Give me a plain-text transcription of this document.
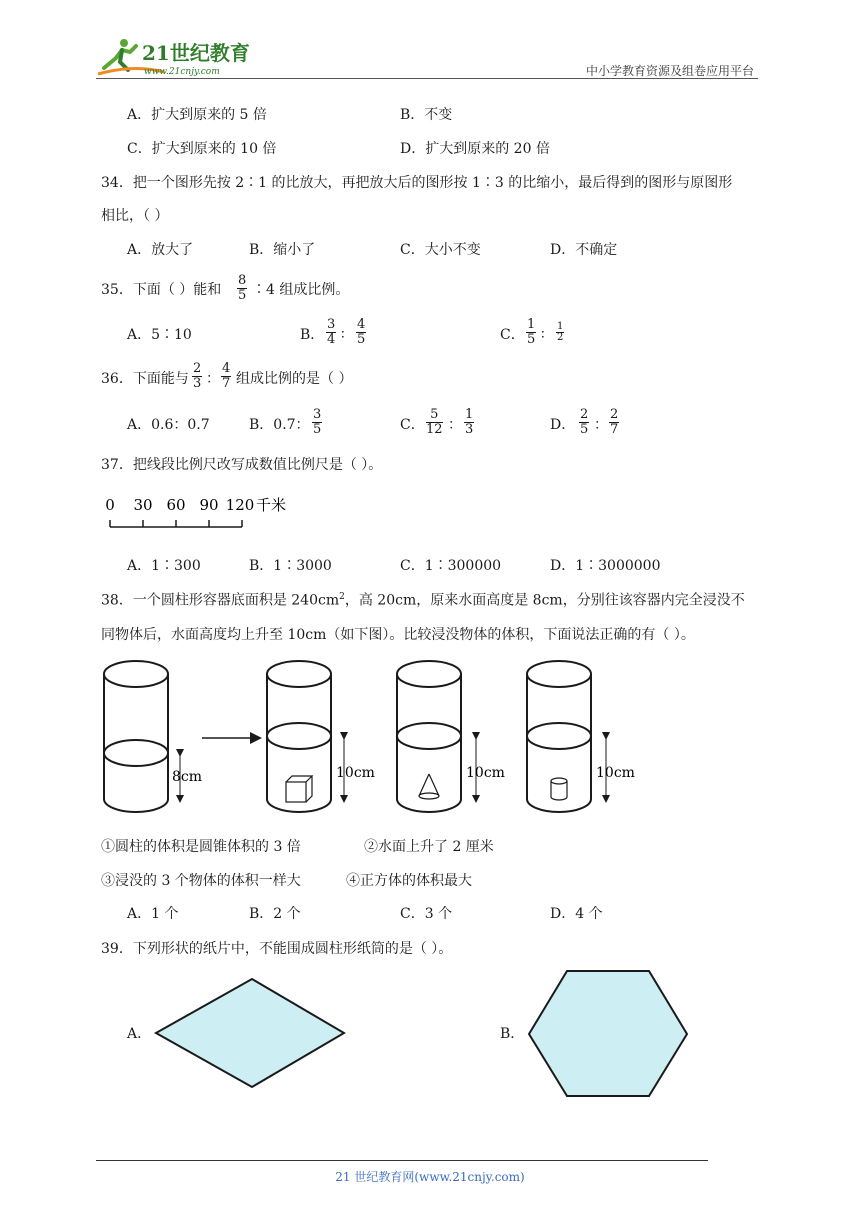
21世纪教育
www.21cnjy.com	中小学教育资源及组卷应用平台
A．扩大到原来的 5 倍	B．不变
C．扩大到原来的 10 倍	D．扩大到原来的 20 倍
34．把一个图形先按 2∶1 的比放大，再把放大后的图形按 1∶3 的比缩小，最后得到的图形与原图形
相比，（ ）
A．放大了	B．缩小了	C．大小不变	D．不确定
35．下面（ ）能和 $\frac{8}{5}$ ∶4 组成比例。
A．5∶10	B． $\frac{3}{4}$ ∶ $\frac{4}{5}$	C． $\frac{1}{5}$ ∶ $\frac{1}{2}$
36．下面能与 $\frac{2}{3}$ ： $\frac{4}{7}$ 组成比例的是（ ）
A．0.6：0.7	B．0.7： $\frac{3}{5}$	C． $\frac{5}{12}$ ： $\frac{1}{3}$	D． $\frac{2}{5}$ ： $\frac{2}{7}$
37．把线段比例尺改写成数值比例尺是（ ）。
0 30 60 90 120 千米
A．1∶300	B．1∶3000	C．1∶300000	D．1∶3000000
38．一个圆柱形容器底面积是 $240cm^2$，高 20cm，原来水面高度是 8cm，分别往该容器内完全浸没不
同物体后，水面高度均上升至 10cm（如下图）。比较浸没物体的体积，下面说法正确的有（ ）。
8cm	10cm	10cm	10cm
①圆柱的体积是圆锥体积的 3 倍	②水面上升了 2 厘米
③浸没的 3 个物体的体积一样大	④正方体的体积最大
A．1 个	B．2 个	C．3 个	D．4 个
39．下列形状的纸片中，不能围成圆柱形纸筒的是（ ）。
A．	B．
21 世纪教育网(www.21cnjy.com)
